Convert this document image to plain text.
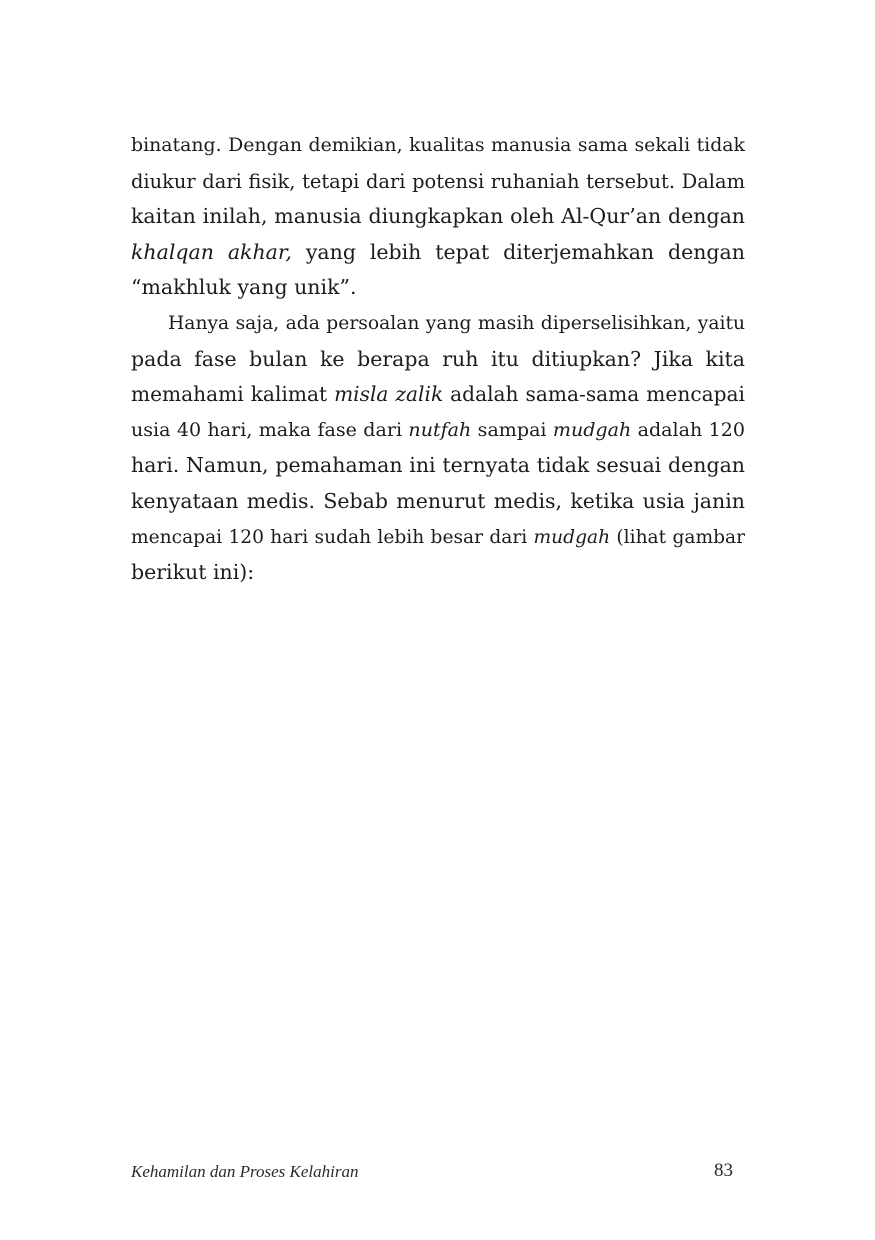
binatang. Dengan demikian, kualitas manusia sama sekali tidak
diukur dari fisik, tetapi dari potensi ruhaniah tersebut. Dalam
kaitan inilah, manusia diungkapkan oleh Al-Qur’an dengan
khalqan akhar, yang lebih tepat diterjemahkan dengan
“makhluk yang unik”.
Hanya saja, ada persoalan yang masih diperselisihkan, yaitu
pada fase bulan ke berapa ruh itu ditiupkan? Jika kita
memahami kalimat misla zalik adalah sama-sama mencapai
usia 40 hari, maka fase dari nutfah sampai mudgah adalah 120
hari. Namun, pemahaman ini ternyata tidak sesuai dengan
kenyataan medis. Sebab menurut medis, ketika usia janin
mencapai 120 hari sudah lebih besar dari mudgah (lihat gambar
berikut ini):
Kehamilan dan Proses Kelahiran	83
